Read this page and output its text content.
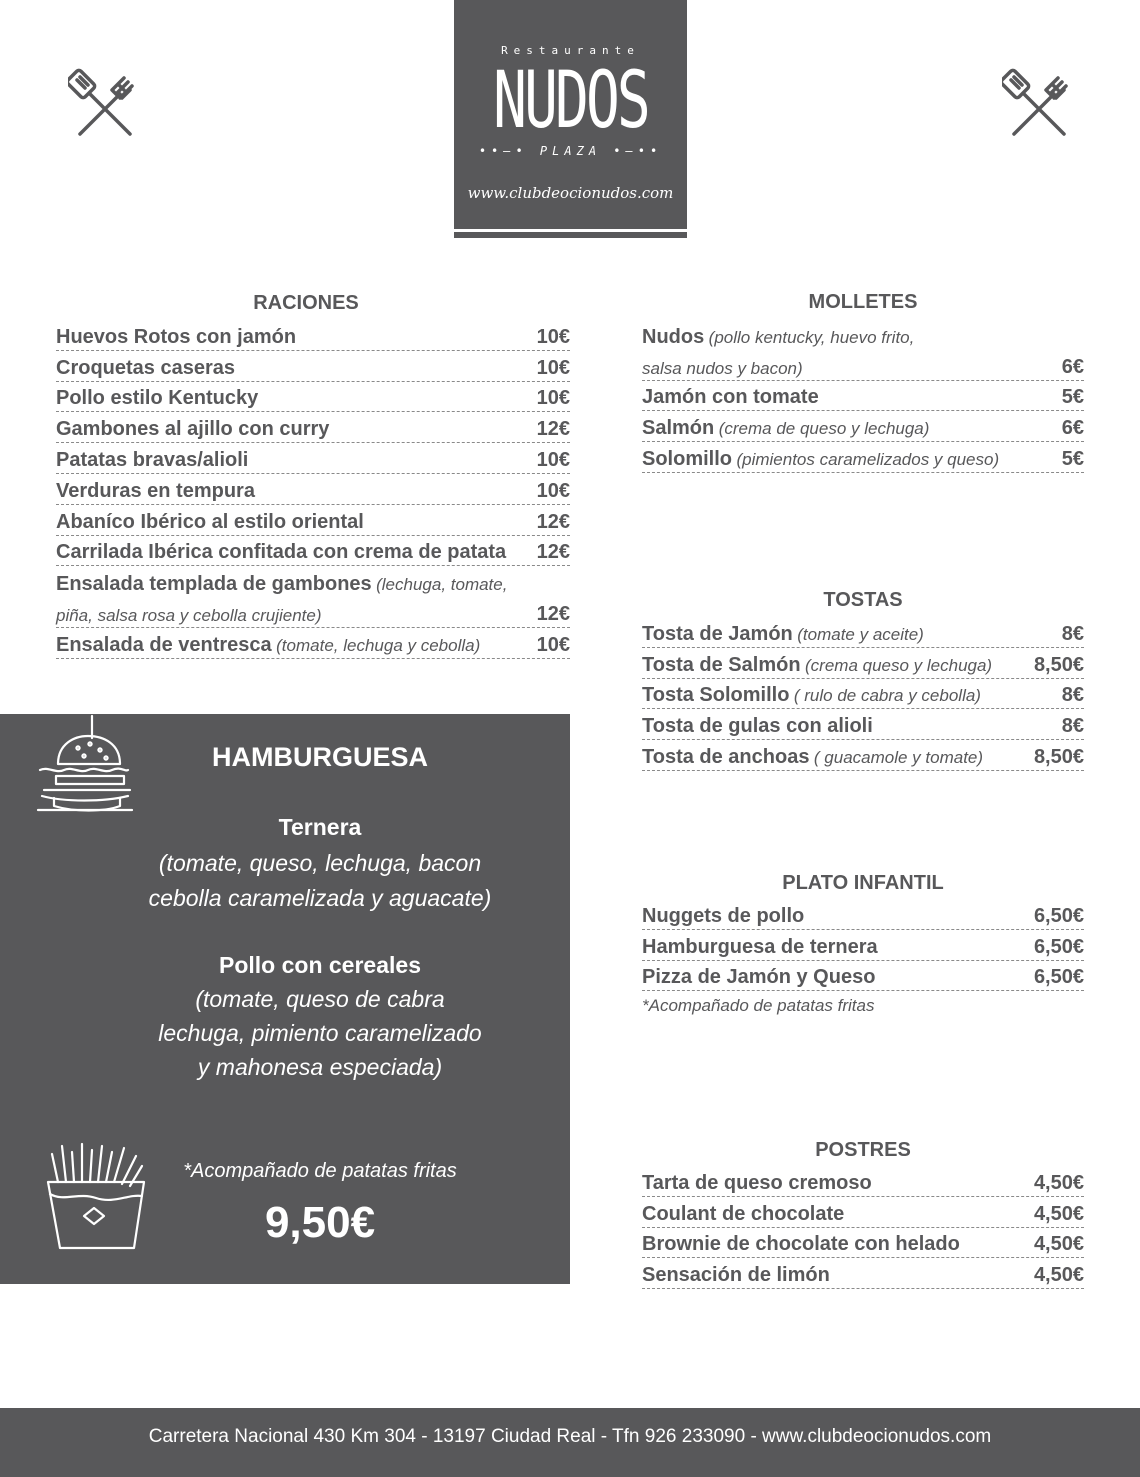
Restaurante
NUDOS
••—• PLAZA •—••
www.clubdeocionudos.com
RACIONES
Huevos Rotos con jamón	10€
Croquetas caseras	10€
Pollo estilo Kentucky	10€
Gambones al ajillo con curry	12€
Patatas bravas/alioli	10€
Verduras en tempura	10€
Abaníco Ibérico al estilo oriental	12€
Carrilada Ibérica confitada con crema de patata 12€
Ensalada templada de gambones (lechuga, tomate,
piña, salsa rosa y cebolla crujiente)	12€
Ensalada de ventresca (tomate, lechuga y cebolla)	10€
MOLLETES
Nudos (pollo kentucky, huevo frito,
salsa nudos y bacon)	6€
Jamón con tomate	5€
Salmón (crema de queso y lechuga)	6€
Solomillo (pimientos caramelizados y queso)	5€
TOSTAS
Tosta de Jamón (tomate y aceite)	8€
Tosta de Salmón (crema queso y lechuga) 8,50€
Tosta Solomillo ( rulo de cabra y cebolla)	8€
Tosta de gulas con alioli	8€
Tosta de anchoas ( guacamole y tomate)	8,50€
PLATO INFANTIL
Nuggets de pollo	6,50€
Hamburguesa de ternera	6,50€
Pizza de Jamón y Queso	6,50€
*Acompañado de patatas fritas
POSTRES
Tarta de queso cremoso	4,50€
Coulant de chocolate	4,50€
Brownie de chocolate con helado	4,50€
Sensación de limón	4,50€
HAMBURGUESA
Ternera
(tomate, queso, lechuga, bacon
cebolla caramelizada y aguacate)
Pollo con cereales
(tomate, queso de cabra
lechuga, pimiento caramelizado
y mahonesa especiada)
*Acompañado de patatas fritas
9,50€
Carretera Nacional 430 Km 304 - 13197 Ciudad Real - Tfn 926 233090 - www.clubdeocionudos.com
